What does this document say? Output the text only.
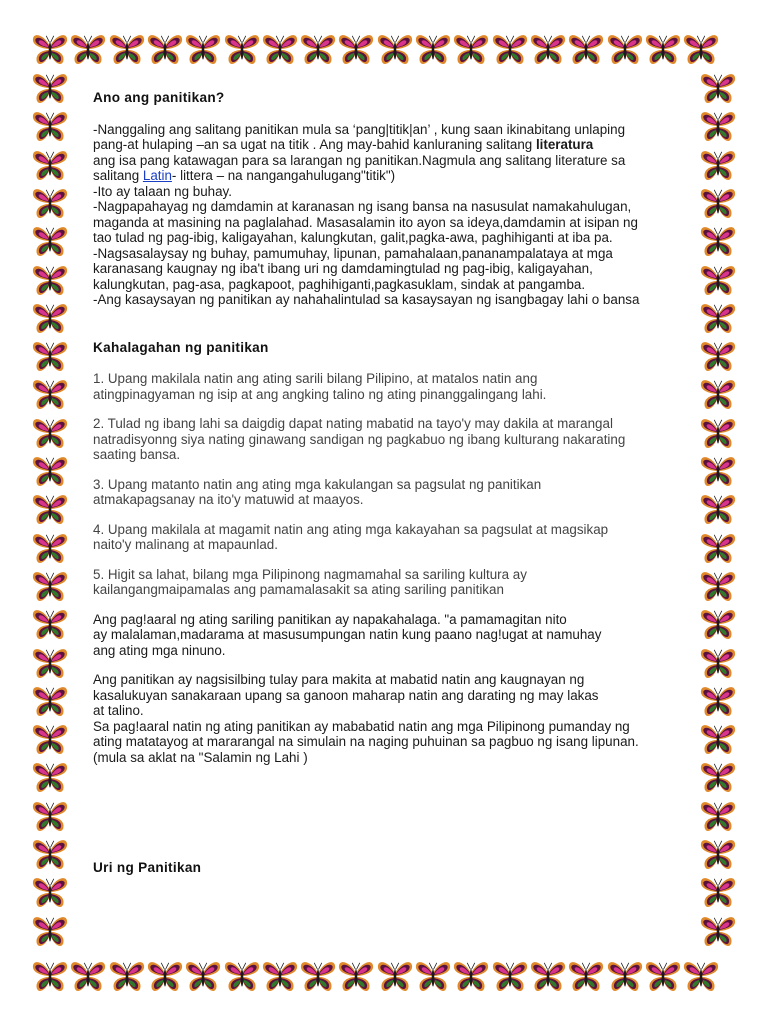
Ano ang panitikan?
-Nanggaling ang salitang panitikan mula sa ‘pang|titik|an’ , kung saan ikinabitang unlaping
pang-at hulaping –an sa ugat na titik . Ang may-bahid kanluraning salitang literatura
ang isa pang katawagan para sa larangan ng panitikan.Nagmula ang salitang literature sa
salitang Latin- littera – na nangangahulugang"titik")
-Ito ay talaan ng buhay.
-Nagpapahayag ng damdamin at karanasan ng isang bansa na nasusulat namakahulugan,
maganda at masining na paglalahad. Masasalamin ito ayon sa ideya,damdamin at isipan ng
tao tulad ng pag-ibig, kaligayahan, kalungkutan, galit,pagka-awa, paghihiganti at iba pa.
-Nagsasalaysay ng buhay, pamumuhay, lipunan, pamahalaan,pananampalataya at mga
karanasang kaugnay ng iba't ibang uri ng damdamingtulad ng pag-ibig, kaligayahan,
kalungkutan, pag-asa, pagkapoot, paghihiganti,pagkasuklam, sindak at pangamba.
-Ang kasaysayan ng panitikan ay nahahalintulad sa kasaysayan ng isangbagay lahi o bansa
Kahalagahan ng panitikan
1. Upang makilala natin ang ating sarili bilang Pilipino, at matalos natin ang
atingpinagyaman ng isip at ang angking talino ng ating pinanggalingang lahi.
2. Tulad ng ibang lahi sa daigdig dapat nating mabatid na tayo'y may dakila at marangal
natradisyonng siya nating ginawang sandigan ng pagkabuo ng ibang kulturang nakarating
saating bansa.
3. Upang matanto natin ang ating mga kakulangan sa pagsulat ng panitikan
atmakapagsanay na ito'y matuwid at maayos.
4. Upang makilala at magamit natin ang ating mga kakayahan sa pagsulat at magsikap
naito'y malinang at mapaunlad.
5. Higit sa lahat, bilang mga Pilipinong nagmamahal sa sariling kultura ay
kailangangmaipamalas ang pamamalasakit sa ating sariling panitikan
Ang pag!aaral ng ating sariling panitikan ay napakahalaga. "a pamamagitan nito
ay malalaman,madarama at masusumpungan natin kung paano nag!ugat at namuhay
ang ating mga ninuno.
Ang panitikan ay nagsisilbing tulay para makita at mabatid natin ang kaugnayan ng
kasalukuyan sanakaraan upang sa ganoon maharap natin ang darating ng may lakas
at talino.
Sa pag!aaral natin ng ating panitikan ay mababatid natin ang mga Pilipinong pumanday ng
ating matatayog at mararangal na simulain na naging puhuinan sa pagbuo ng isang lipunan.
(mula sa aklat na "Salamin ng Lahi )
Uri ng Panitikan
